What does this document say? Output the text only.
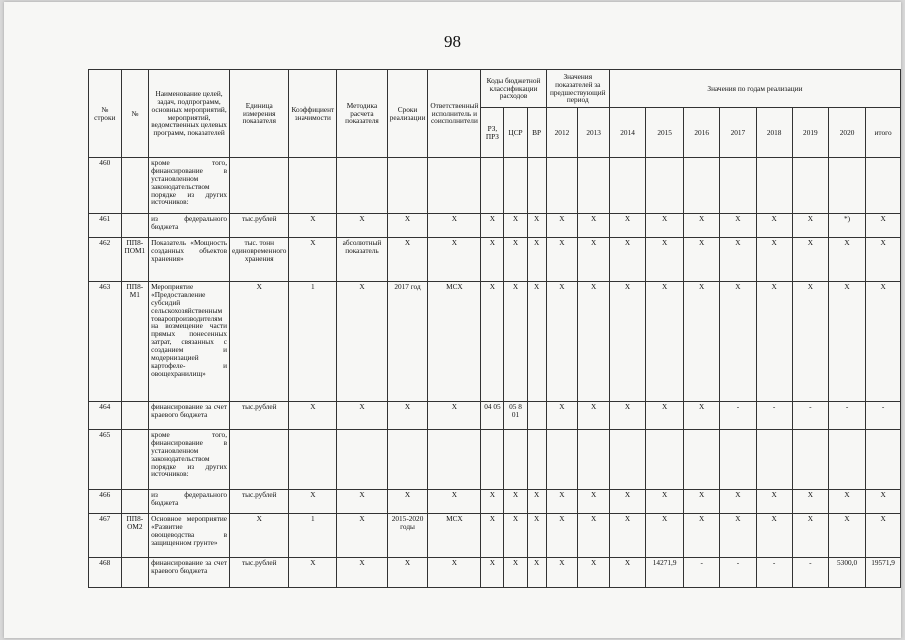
98
№ строки	№	Наименование целей, задач, подпрограмм, основных мероприятий, мероприятий, ведомственных целевых программ, показателей	Единица измерения показателя	Коэффициент значимости	Методика расчета показателя	Сроки реализации	Ответственный исполнитель и соисполнители	Коды бюджетной классификации расходов			Значения показателей за предшествующий период		Значения по годам реализации							
								РЗ, ПРЗ	ЦСР	ВР	2012	2013	2014	2015	2016	2017	2018	2019	2020	итого
460		кроме того, финансирование в установленном законодательством порядке из других источников:																		
461		из федерального бюджета	тыс.рублей	X	X	X	X	X	X	X	X	X	X	X	X	X	X	X	*)	X
462	ПП8-ПОМ1	Показатель «Мощность созданных объектов хранения»	тыс. тонн единовременного хранения	X	абсолютный показатель	X	X	X	X	X	X	X	X	X	X	X	X	X	X	X
463	ПП8-М1	Мероприятие «Предоставление субсидий сельскохозяйственным товаропроизводителям на возмещение части прямых понесенных затрат, связанных с созданием и модернизацией картофеле- и овощехранилищ»	X	1	X	2017 год	МСХ	X	X	X	X	X	X	X	X	X	X	X	X	X
464		финансирование за счет краевого бюджета	тыс.рублей	X	X	X	X	04 05	05 8 01		X	X	X	X	X	-	-	-	-	-
465		кроме того, финансирование в установленном законодательством порядке из других источников:																		
466		из федерального бюджета	тыс.рублей	X	X	X	X	X	X	X	X	X	X	X	X	X	X	X	X	X
467	ПП8-ОМ2	Основное мероприятие «Развитие овощеводства в защищенном грунте»	X	1	X	2015-2020 годы	МСХ	X	X	X	X	X	X	X	X	X	X	X	X	X
468		финансирование за счет краевого бюджета	тыс.рублей	X	X	X	X	X	X	X	X	X	X	14271,9	-	-	-	-	5300,0	19571,9
